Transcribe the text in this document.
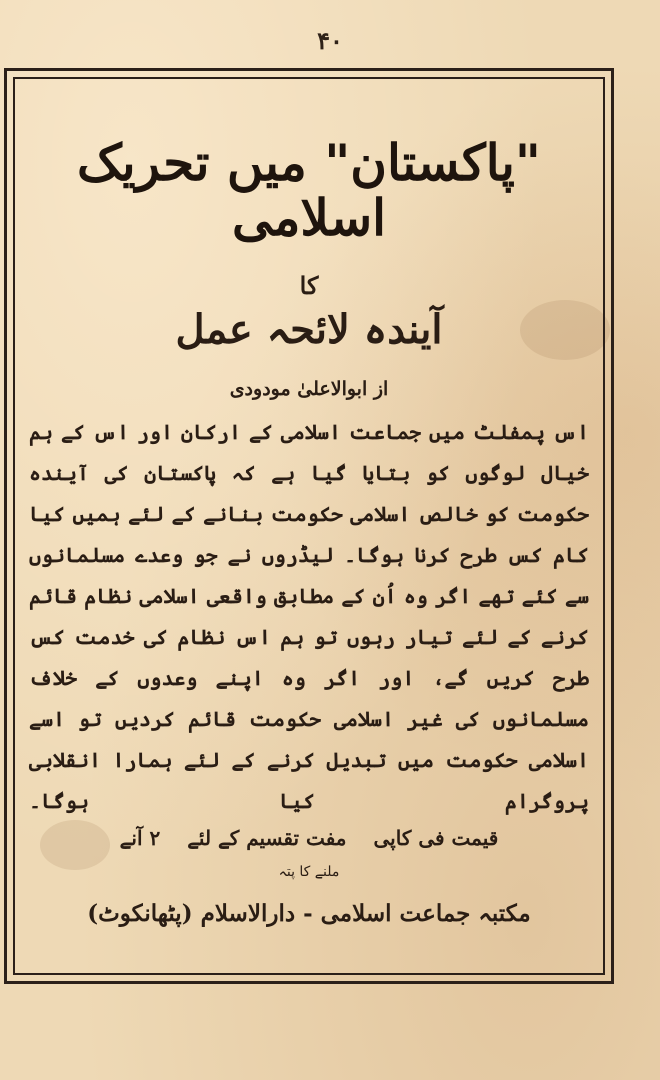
۴۰
"پاکستان" میں تحریک اسلامی
کا
آیندہ لائحہ عمل
از ابوالاعلیٰ مودودی
اس پمفلٹ میں جماعت اسلامی کے ارکان اور اس کے ہم خیال لوگوں کو بتایا گیا ہے کہ پاکستان کی آیندہ حکومت کو خالص اسلامی حکومت بنانے کے لئے ہمیں کیا کام کس طرح کرنا ہوگا۔ لیڈروں نے جو وعدے مسلمانوں سے کئے تھے اگر وہ اُن کے مطابق واقعی اسلامی نظام قائم کرنے کے لئے تیار رہوں تو ہم اس نظام کی خدمت کس طرح کریں گے، اور اگر وہ اپنے وعدوں کے خلاف مسلمانوں کی غیر اسلامی حکومت قائم کردیں تو اسے اسلامی حکومت میں تبدیل کرنے کے لئے ہمارا انقلابی پروگرام کیا ہوگا۔
قیمت فی کاپی مفت تقسیم کے لئے ۲ آنے
ملنے کا پتہ
مکتبہ جماعت اسلامی - دارالاسلام (پٹھانکوٹ)
